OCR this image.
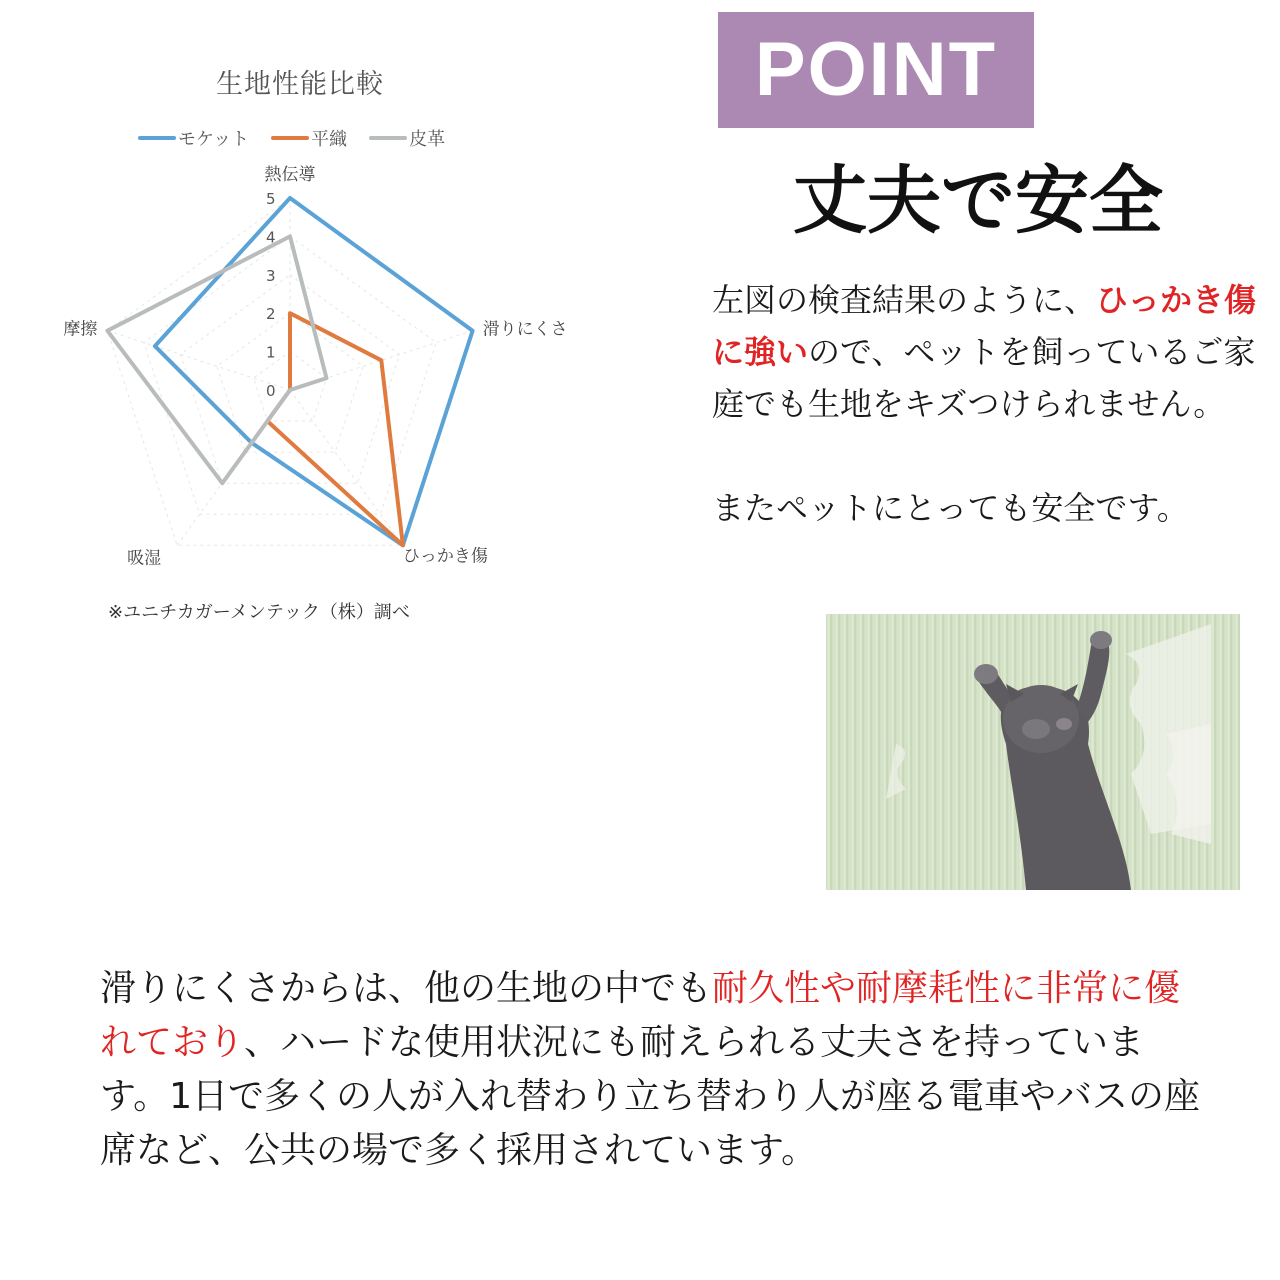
生地性能比較
モケット	平織	皮革
0
1
2
3
4
5
熱伝導
滑りにくさ
ひっかき傷
吸湿
摩擦
※ユニチカガーメンテック（株）調べ
POINT
丈夫で安全

左図の検査結果のように、ひっかき傷に強いので、ペットを飼っているご家庭でも生地をキズつけられません。

またペットにとっても安全です。

滑りにくさからは、他の生地の中でも耐久性や耐摩耗性に非常に優れており、ハードな使用状況にも耐えられる丈夫さを持っています。1日で多くの人が入れ替わり立ち替わり人が座る電車やバスの座席など、公共の場で多く採用されています。
